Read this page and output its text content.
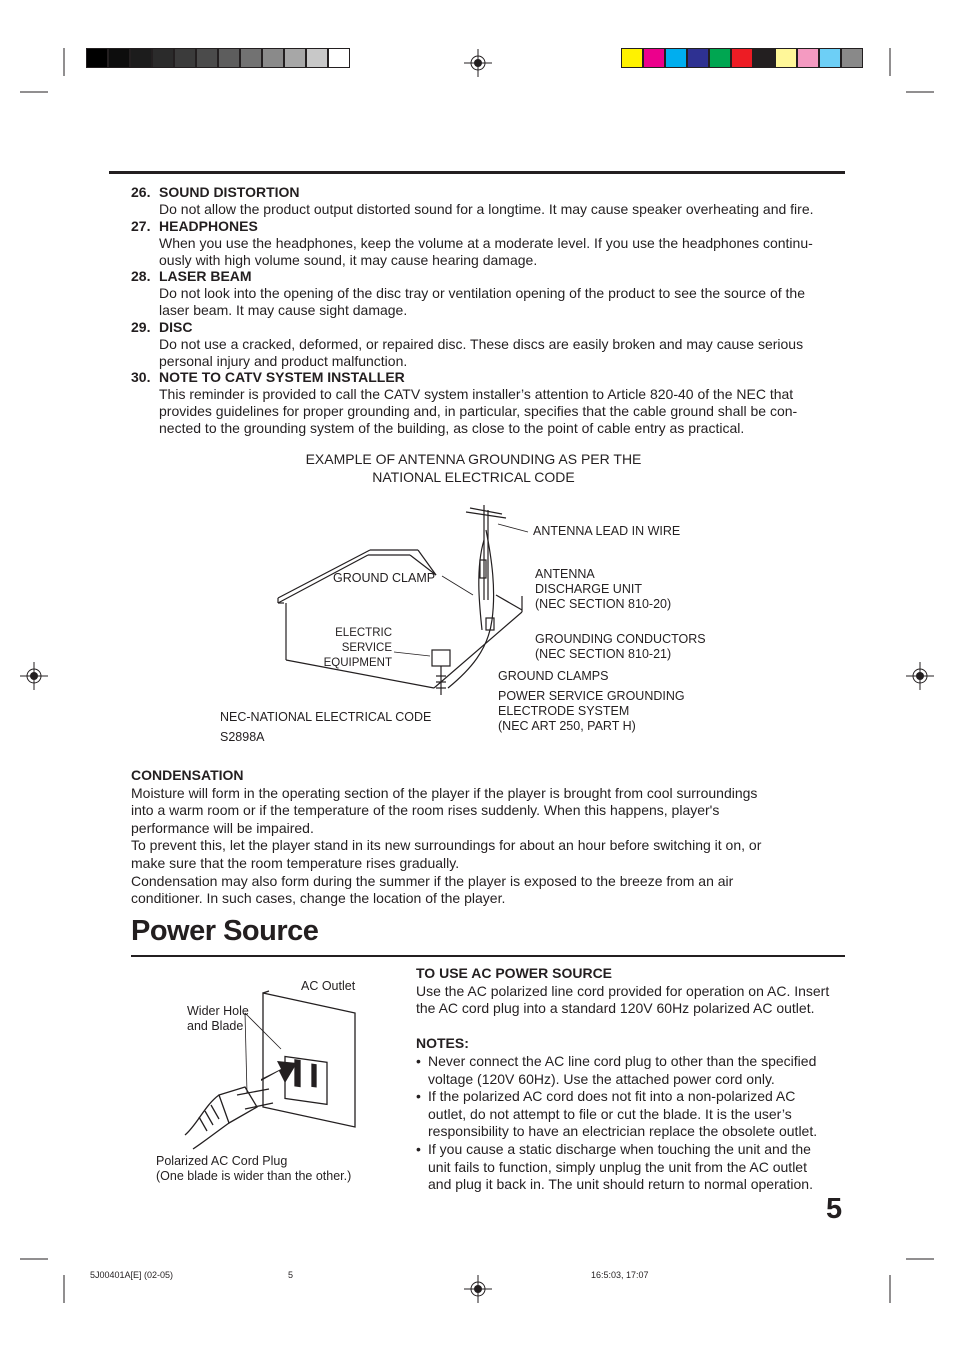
26. SOUND DISTORTION
Do not allow the product output distorted sound for a longtime. It may cause speaker overheating and fire.
27. HEADPHONES
When you use the headphones, keep the volume at a moderate level. If you use the headphones continu-
ously with high volume sound, it may cause hearing damage.
28. LASER BEAM
Do not look into the opening of the disc tray or ventilation opening of the product to see the source of the
laser beam. It may cause sight damage.
29. DISC
Do not use a cracked, deformed, or repaired disc. These discs are easily broken and may cause serious
personal injury and product malfunction.
30. NOTE TO CATV SYSTEM INSTALLER
This reminder is provided to call the CATV system installer’s attention to Article 820-40 of the NEC that
provides guidelines for proper grounding and, in particular, specifies that the cable ground shall be con-
nected to the grounding system of the building, as close to the point of cable entry as practical.
EXAMPLE OF ANTENNA GROUNDING AS PER THE
NATIONAL ELECTRICAL CODE
ANTENNA LEAD IN WIRE
GROUND CLAMP	ANTENNA
DISCHARGE UNIT
(NEC SECTION 810-20)
ELECTRIC SERVICE
EQUIPMENT
GROUNDING CONDUCTORS
(NEC SECTION 810-21)
GROUND CLAMPS
POWER SERVICE GROUNDING
ELECTRODE SYSTEM
(NEC ART 250, PART H)
NEC-NATIONAL ELECTRICAL CODE
S2898A
CONDENSATION
Moisture will form in the operating section of the player if the player is brought from cool surroundings
into a warm room or if the temperature of the room rises suddenly. When this happens, player's
performance will be impaired.
To prevent this, let the player stand in its new surroundings for about an hour before switching it on, or
make sure that the room temperature rises gradually.
Condensation may also form during the summer if the player is exposed to the breeze from an air
conditioner. In such cases, change the location of the player.
Power Source
AC Outlet
Wider Hole
and Blade
Polarized AC Cord Plug
(One blade is wider than the other.)
TO USE AC POWER SOURCE
Use the AC polarized line cord provided for operation on AC. Insert
the AC cord plug into a standard 120V 60Hz polarized AC outlet.
NOTES:
• Never connect the AC line cord plug to other than the specified
voltage (120V 60Hz). Use the attached power cord only.
• If the polarized AC cord does not fit into a non-polarized AC
outlet, do not attempt to file or cut the blade. It is the user’s
responsibility to have an electrician replace the obsolete outlet.
• If you cause a static discharge when touching the unit and the
unit fails to function, simply unplug the unit from the AC outlet
and plug it back in. The unit should return to normal operation.
5
5J00401A[E] (02-05)	5	16:5:03, 17:07
